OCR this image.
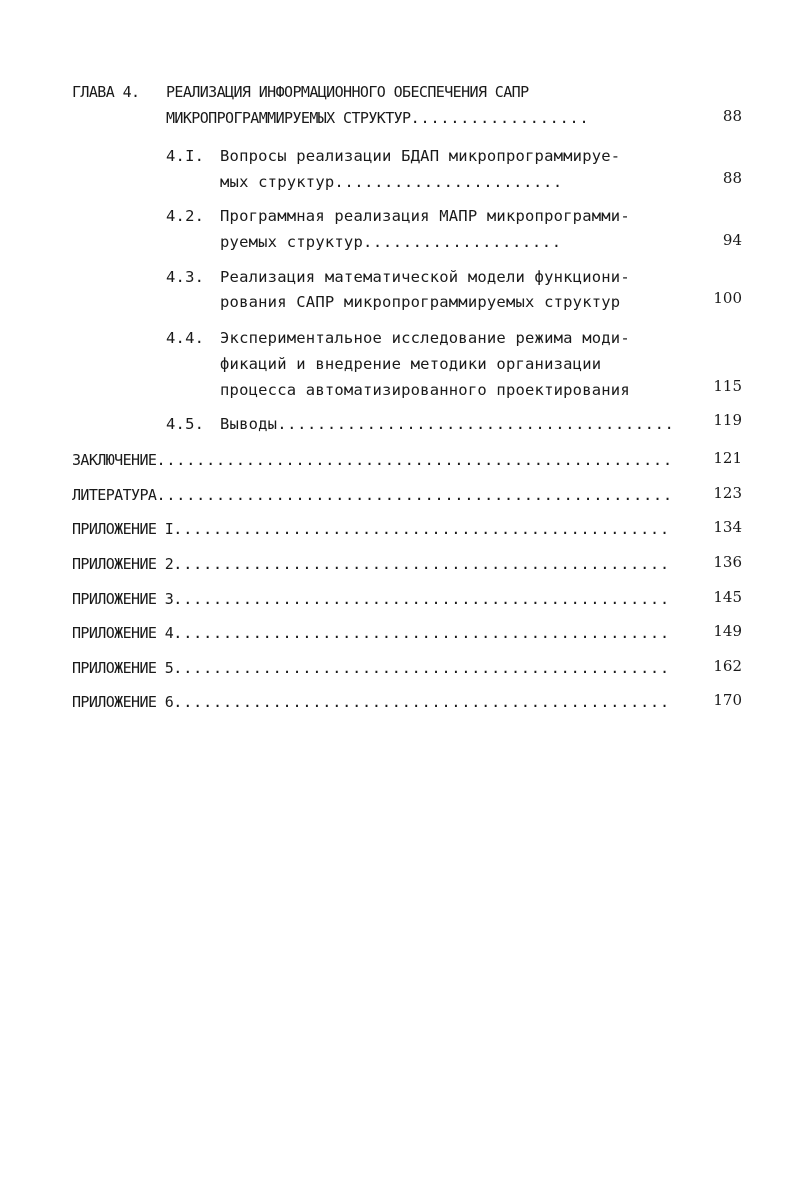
ГЛАВА 4. РЕАЛИЗАЦИЯ ИНФОРМАЦИОННОГО ОБЕСПЕЧЕНИЯ САПР
МИКРОПРОГРАММИРУЕМЫХ СТРУКТУР..................	88
4.I. Вопросы реализации БДАП микропрограммируе-
мых структур.......................	88
4.2. Программная реализация МАПР микропрограмми-
руемых структур....................	94
4.3. Реализация математической модели функциони-
рования САПР микропрограммируемых структур	100
4.4. Экспериментальное исследование режима моди-
фикаций и внедрение методики организации
процесса автоматизированного проектирования	115
4.5. Выводы........................................	119
ЗАКЛЮЧЕНИЕ....................................................	121
ЛИТЕРАТУРА....................................................	123
ПРИЛОЖЕНИЕ I..................................................	134
ПРИЛОЖЕНИЕ 2..................................................	136
ПРИЛОЖЕНИЕ 3..................................................	145
ПРИЛОЖЕНИЕ 4..................................................	149
ПРИЛОЖЕНИЕ 5..................................................	162
ПРИЛОЖЕНИЕ 6..................................................	170
